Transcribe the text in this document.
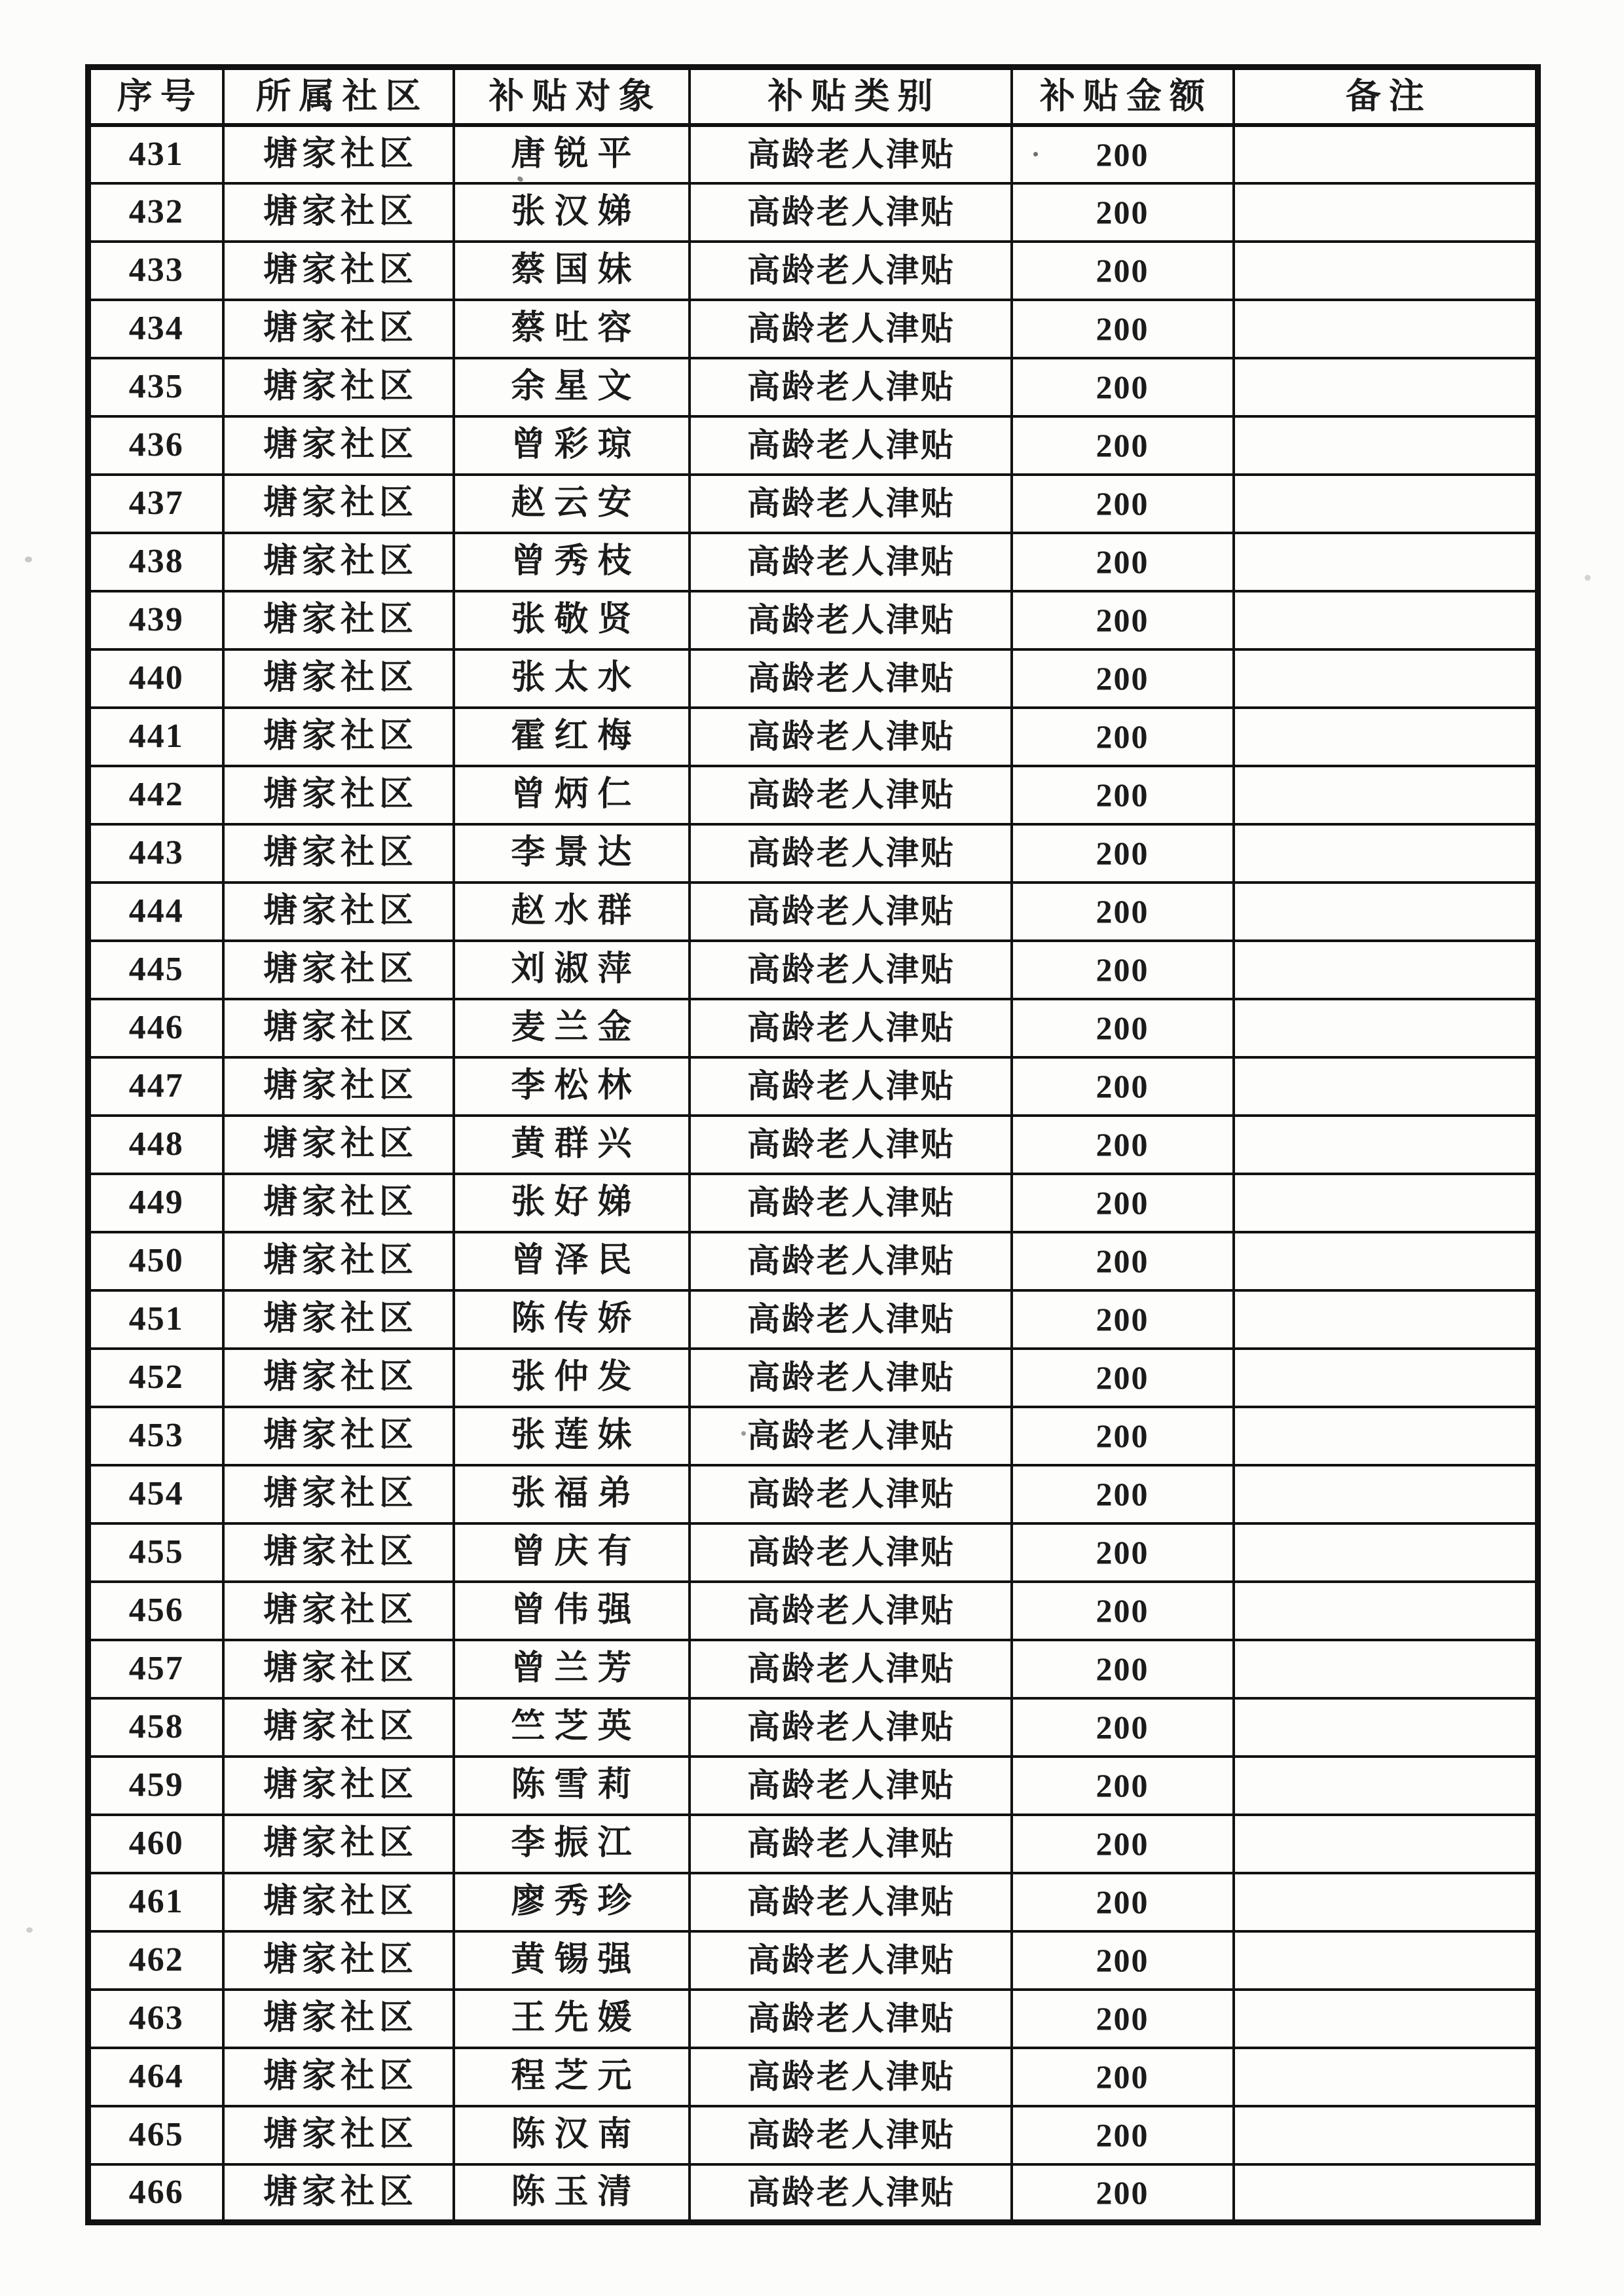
序号	所属社区	补贴对象	补贴类别	补贴金额	备注
431	塘家社区	唐锐平	高龄老人津贴	200	
432	塘家社区	张汉娣	高龄老人津贴	200	
433	塘家社区	蔡国妹	高龄老人津贴	200	
434	塘家社区	蔡吐容	高龄老人津贴	200	
435	塘家社区	余星文	高龄老人津贴	200	
436	塘家社区	曾彩琼	高龄老人津贴	200	
437	塘家社区	赵云安	高龄老人津贴	200	
438	塘家社区	曾秀枝	高龄老人津贴	200	
439	塘家社区	张敬贤	高龄老人津贴	200	
440	塘家社区	张太水	高龄老人津贴	200	
441	塘家社区	霍红梅	高龄老人津贴	200	
442	塘家社区	曾炳仁	高龄老人津贴	200	
443	塘家社区	李景达	高龄老人津贴	200	
444	塘家社区	赵水群	高龄老人津贴	200	
445	塘家社区	刘淑萍	高龄老人津贴	200	
446	塘家社区	麦兰金	高龄老人津贴	200	
447	塘家社区	李松林	高龄老人津贴	200	
448	塘家社区	黄群兴	高龄老人津贴	200	
449	塘家社区	张好娣	高龄老人津贴	200	
450	塘家社区	曾泽民	高龄老人津贴	200	
451	塘家社区	陈传娇	高龄老人津贴	200	
452	塘家社区	张仲发	高龄老人津贴	200	
453	塘家社区	张莲妹	高龄老人津贴	200	
454	塘家社区	张福弟	高龄老人津贴	200	
455	塘家社区	曾庆有	高龄老人津贴	200	
456	塘家社区	曾伟强	高龄老人津贴	200	
457	塘家社区	曾兰芳	高龄老人津贴	200	
458	塘家社区	竺芝英	高龄老人津贴	200	
459	塘家社区	陈雪莉	高龄老人津贴	200	
460	塘家社区	李振江	高龄老人津贴	200	
461	塘家社区	廖秀珍	高龄老人津贴	200	
462	塘家社区	黄锡强	高龄老人津贴	200	
463	塘家社区	王先媛	高龄老人津贴	200	
464	塘家社区	程芝元	高龄老人津贴	200	
465	塘家社区	陈汉南	高龄老人津贴	200	
466	塘家社区	陈玉清	高龄老人津贴	200	
